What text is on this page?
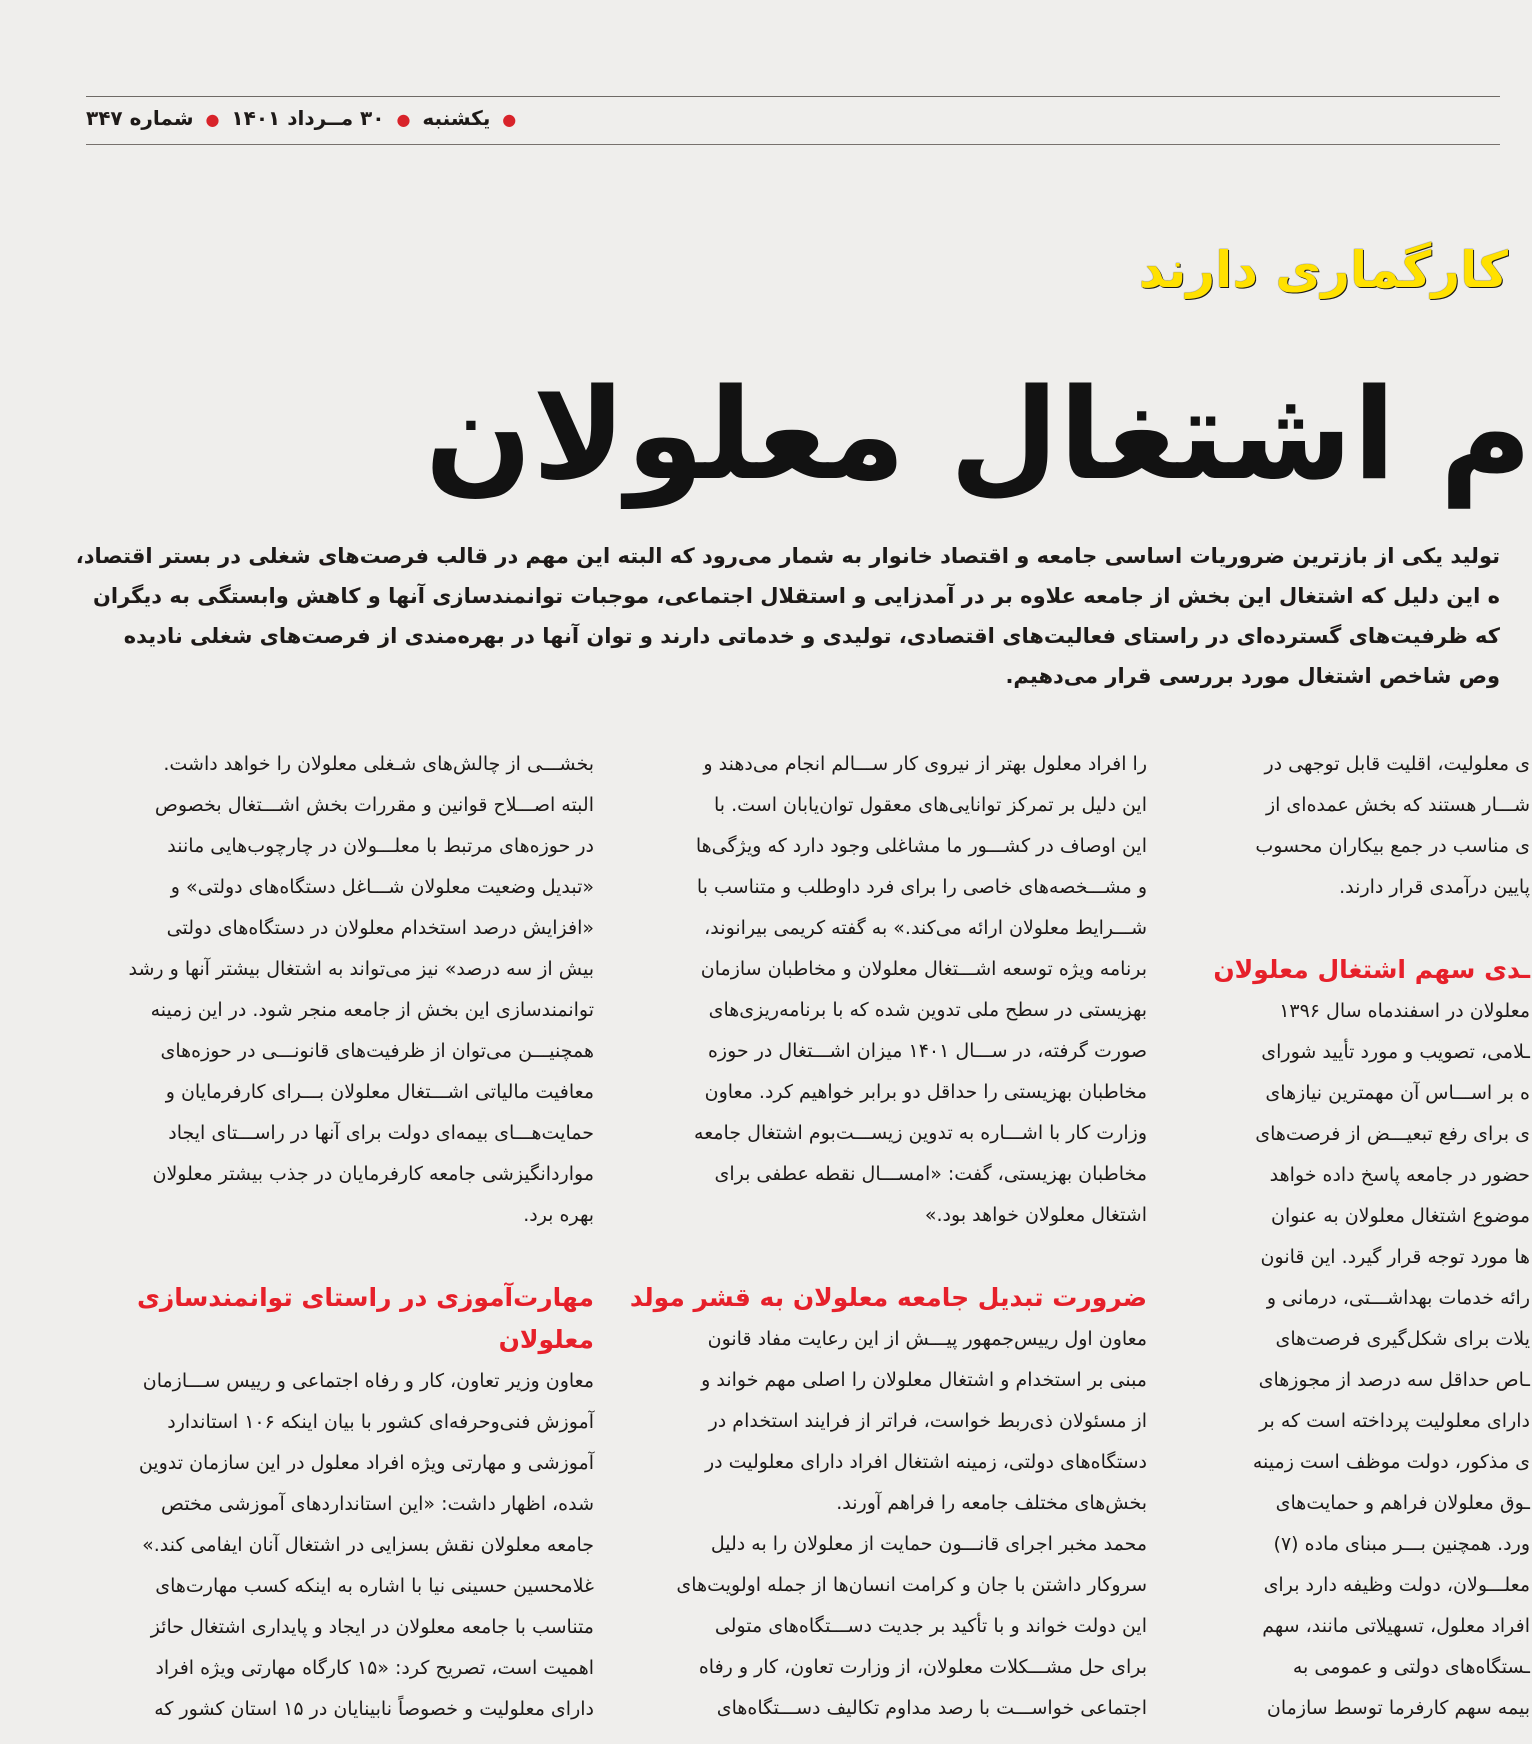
● یکشنبه ● ۳۰ مــرداد ۱۴۰۱ ● شماره ۳۴۷
کارگماری دارند
م اشتغال معلولان
تولید یکی از بازترین ضروریات اساسی جامعه و اقتصاد خانوار به شمار می‌رود که البته این مهم در قالب فرصت‌های شغلی در بستر اقتصاد،
ه این دلیل که اشتغال این بخش از جامعه علاوه بر در آمدزایی و استقلال اجتماعی، موجبات توانمندسازی آنها و کاهش وابستگی به دیگران
که ظرفیت‌های گسترده‌ای در راستای فعالیت‌های اقتصادی، تولیدی و خدماتی دارند و توان آنها در بهره‌مندی از فرصت‌های شغلی نادیده
وص شاخص اشتغال مورد بررسی قرار می‌دهیم.
بخشـــی از چالش‌های شـغلی معلولان را خواهد داشت.
البته اصـــلاح قوانین و مقررات بخش اشـــتغال بخصوص
در حوزه‌های مرتبط با معلـــولان در چارچوب‌هایی مانند
«تبدیل وضعیت معلولان شـــاغل دستگاه‌های دولتی» و
«افزایش درصد استخدام معلولان در دستگاه‌های دولتی
بیش از سه درصد» نیز می‌تواند به اشتغال بیشتر آنها و رشد
توانمندسازی این بخش از جامعه منجر شود. در این زمینه
همچنیـــن می‌توان از ظرفیت‌های قانونـــی در حوزه‌های
معافیت مالیاتی اشـــتغال معلولان بـــرای کارفرمایان و
حمایت‌هـــای بیمه‌ای دولت برای آنها در راســـتای ایجاد
مواردانگیزشی جامعه کارفرمایان در جذب بیشتر معلولان
بهره برد.
مهارت‌آموزی در راستای توانمندسازی
معلولان
معاون وزیر تعاون، کار و رفاه اجتماعی و رییس ســـازمان
آموزش فنی‌وحرفه‌ای کشور با بیان اینکه ۱۰۶ استاندارد
آموزشی و مهارتی ویژه افراد معلول در این سازمان تدوین
شده، اظهار داشت: «این استانداردهای آموزشی مختص
جامعه معلولان نقش بسزایی در اشتغال آنان ایفامی کند.»
غلامحسین حسینی نیا با اشاره به اینکه کسب مهارت‌های
متناسب با جامعه معلولان در ایجاد و پایداری اشتغال حائز
اهمیت است، تصریح کرد: «۱۵ کارگاه مهارتی ویژه افراد
دارای معلولیت و خصوصاً نابینایان در ۱۵ استان کشور که
را افراد معلول بهتر از نیروی کار ســـالم انجام می‌دهند و
این دلیل بر تمرکز توانایی‌های معقول توان‌یابان است. با
این اوصاف در کشـــور ما مشاغلی وجود دارد که ویژگی‌ها
و مشـــخصه‌های خاصی را برای فرد داوطلب و متناسب با
شـــرایط معلولان ارائه می‌کند.» به گفته کریمی بیرانوند،
برنامه ویژه توسعه اشـــتغال معلولان و مخاطبان سازمان
بهزیستی در سطح ملی تدوین شده که با برنامه‌ریزی‌های
صورت گرفته، در ســـال ۱۴۰۱ میزان اشـــتغال در حوزه
مخاطبان بهزیستی را حداقل دو برابر خواهیم کرد. معاون
وزارت کار با اشـــاره به تدوین زیســـت‌بوم اشتغال جامعه
مخاطبان بهزیستی، گفت: «امســـال نقطه عطفی برای
اشتغال معلولان خواهد بود.»
ضرورت تبدیل جامعه معلولان به قشر مولد
معاون اول رییس‌جمهور پیـــش از این رعایت مفاد قانون
مبنی بر استخدام و اشتغال معلولان را اصلی مهم خواند و
از مسئولان ذی‌ربط خواست، فراتر از فرایند استخدام در
دستگاه‌های دولتی، زمینه اشتغال افراد دارای معلولیت در
بخش‌های مختلف جامعه را فراهم آورند.
محمد مخبر اجرای قانـــون حمایت از معلولان را به دلیل
سروکار داشتن با جان و کرامت انسان‌ها از جمله اولویت‌های
این دولت خواند و با تأکید بر جدیت دســـتگاه‌های متولی
برای حل مشـــکلات معلولان، از وزارت تعاون، کار و رفاه
اجتماعی خواســـت با رصد مداوم تکالیف دســـتگاه‌های
ی معلولیت، اقلیت قابل توجهی در
شـــار هستند که بخش عمده‌ای از
ی مناسب در جمع بیکاران محسوب
پایین درآمدی قرار دارند.
ـدی سهم اشتغال معلولان
معلولان در اسفندماه سال ۱۳۹۶
ـلامی، تصویب و مورد تأیید شورای
ه بر اســـاس آن مهمترین نیازهای
ی برای رفع تبعیـــض از فرصت‌های
حضور در جامعه پاسخ داده خواهد
موضوع اشتغال معلولان به عنوان
ها مورد توجه قرار گیرد. این قانون
رائه خدمات بهداشـــتی، درمانی و
یلات برای شکل‌گیری فرصت‌های
ـاص حداقل سه درصد از مجوزهای
دارای معلولیت پرداخته است که بر
ی مذکور، دولت موظف است زمینه
ـوق معلولان فراهم و حمایت‌های
ورد. همچنین بـــر مبنای ماده (۷)
معلـــولان، دولت وظیفه دارد برای
افراد معلول، تسهیلاتی مانند، سهم
ـستگاه‌های دولتی و عمومی به
بیمه سهم کارفرما توسط سازمان
